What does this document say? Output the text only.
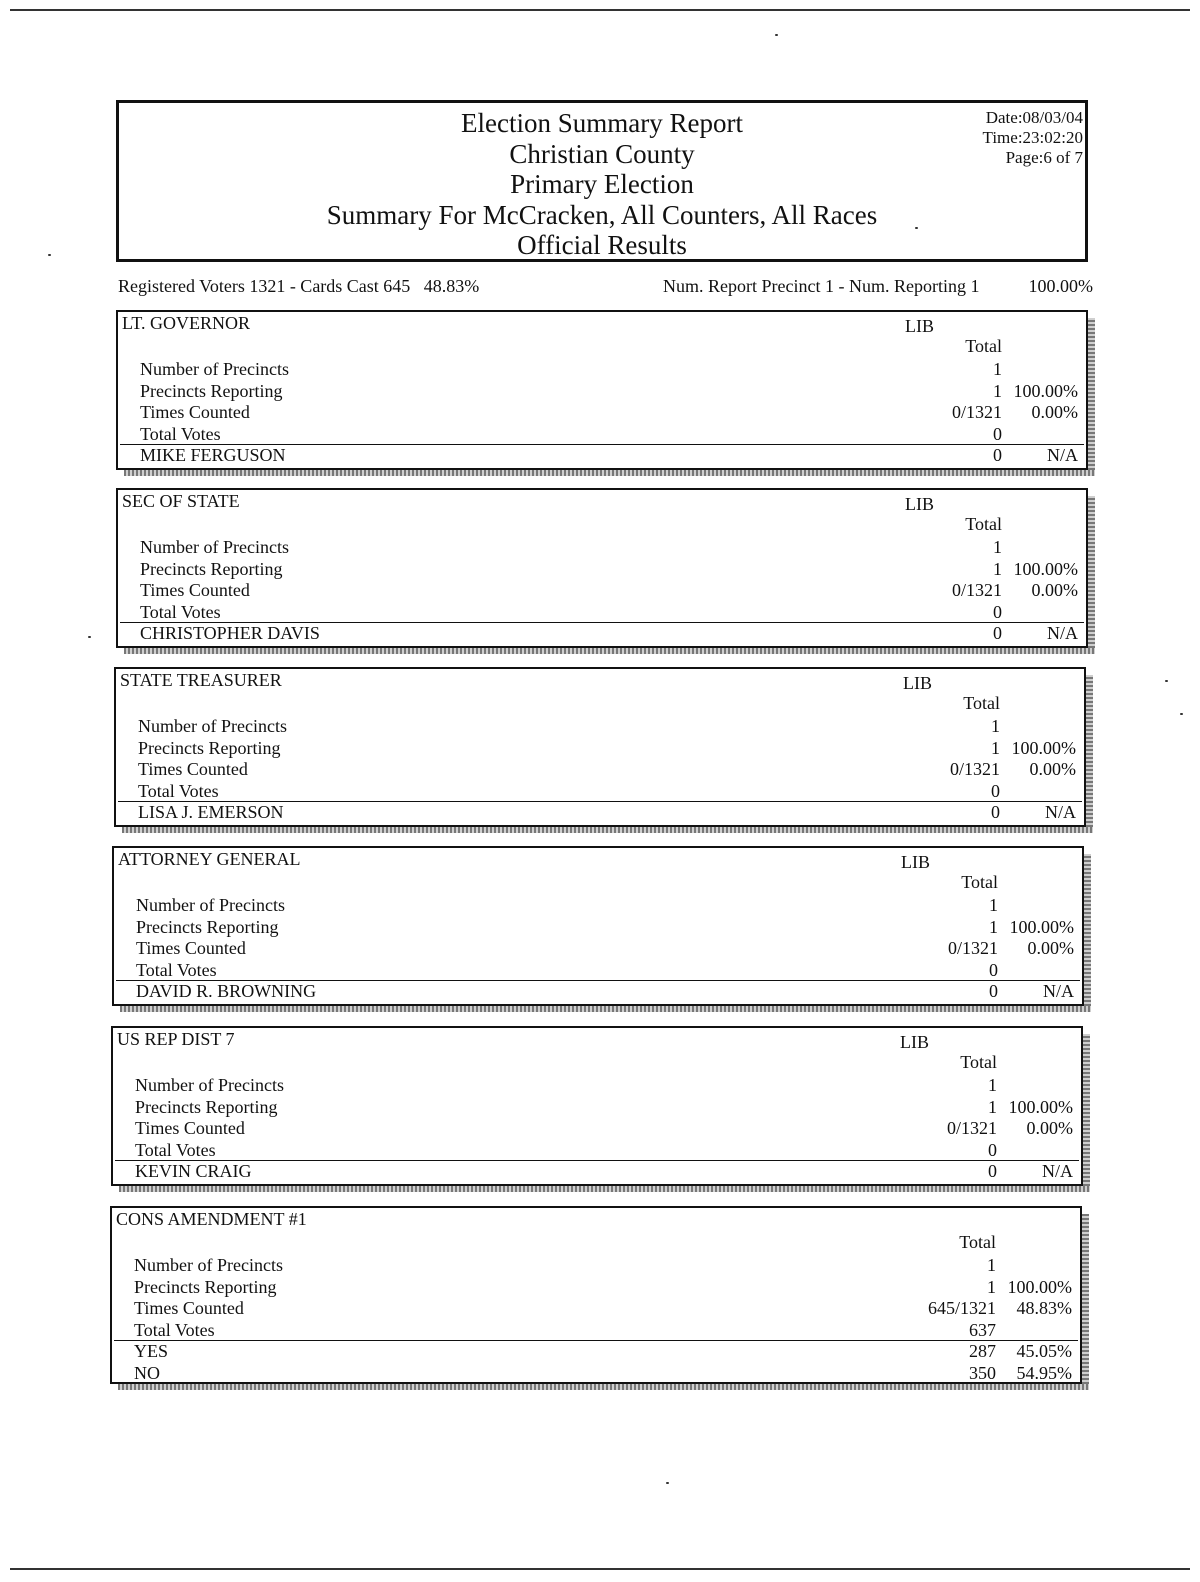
Election Summary Report
Christian County
Primary Election
Summary For McCracken, All Counters, All Races
Official Results
Date:08/03/04
Time:23:02:20
Page:6 of 7
Registered Voters 1321 - Cards Cast 645   48.83%	Num. Report Precinct 1 - Num. Reporting 1	100.00%
LT. GOVERNOR	LIB
Total
Number of Precincts	1
Precincts Reporting	1 100.00%
Times Counted	0/1321 0.00%
Total Votes	0
MIKE FERGUSON	0	N/A
SEC OF STATE	LIB
Total
Number of Precincts	1
Precincts Reporting	1 100.00%
Times Counted	0/1321 0.00%
Total Votes	0
CHRISTOPHER DAVIS	0	N/A
STATE TREASURER	LIB
Total
Number of Precincts	1
Precincts Reporting	1 100.00%
Times Counted	0/1321 0.00%
Total Votes	0
LISA J. EMERSON	0	N/A
ATTORNEY GENERAL	LIB
Total
Number of Precincts	1
Precincts Reporting	1 100.00%
Times Counted	0/1321 0.00%
Total Votes	0
DAVID R. BROWNING	0	N/A
US REP DIST 7	LIB
Total
Number of Precincts	1
Precincts Reporting	1 100.00%
Times Counted	0/1321 0.00%
Total Votes	0
KEVIN CRAIG	0	N/A
CONS AMENDMENT #1
Total
Number of Precincts	1
Precincts Reporting	1 100.00%
Times Counted	645/1321 48.83%
Total Votes	637
YES	287 45.05%
NO	350 54.95%
